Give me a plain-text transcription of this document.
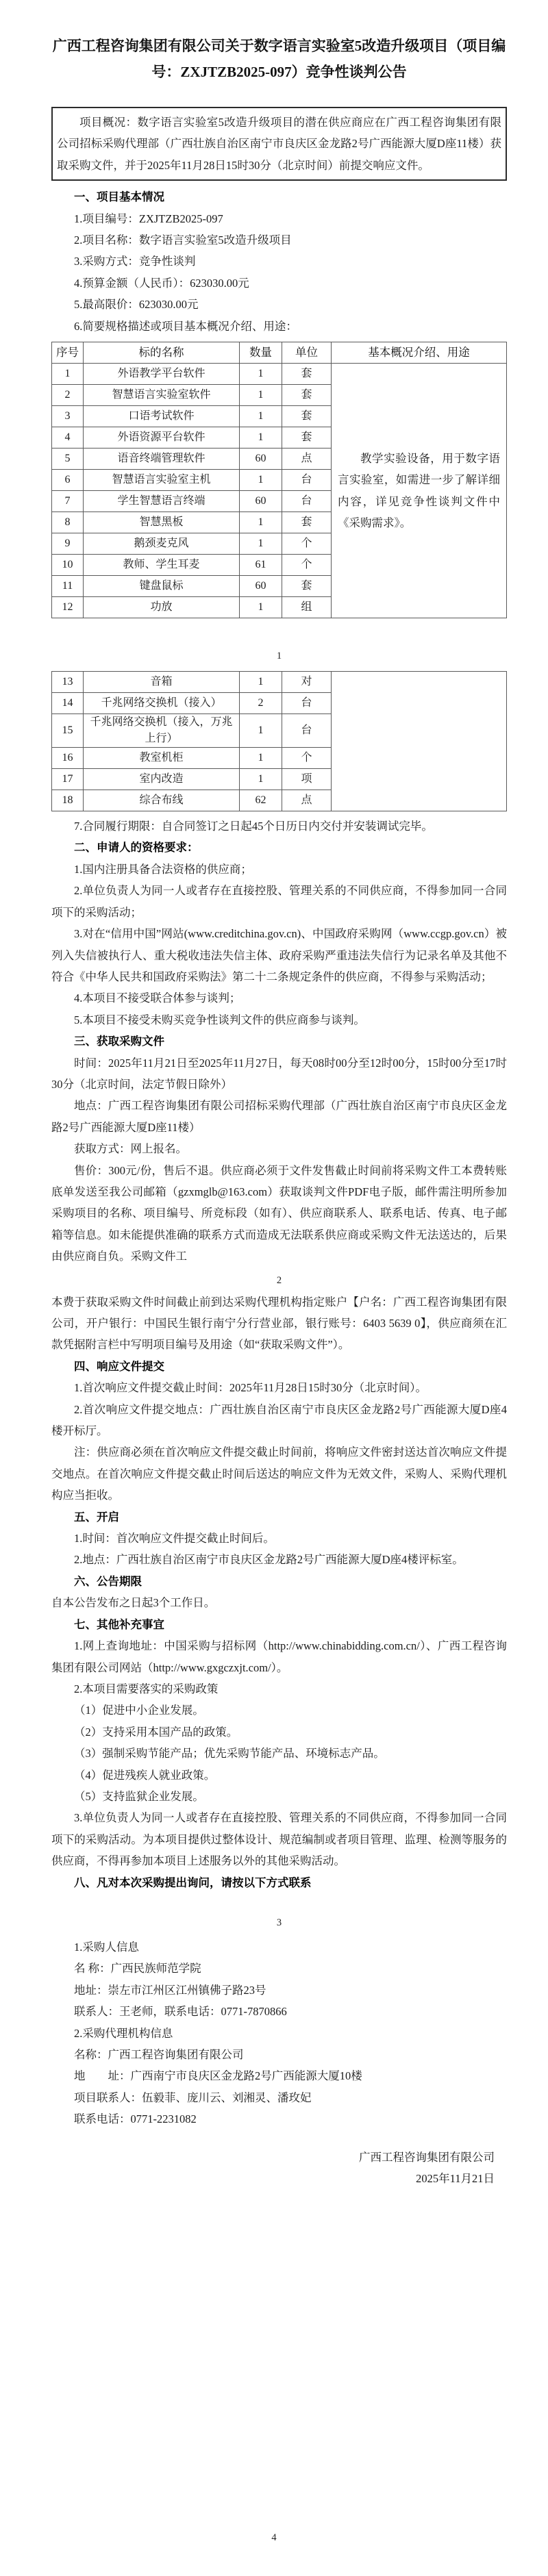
广西工程咨询集团有限公司关于数字语言实验室5改造升级项目（项目编号：ZXJTZB2025-097）竞争性谈判公告
项目概况：数字语言实验室5改造升级项目的潜在供应商应在广西工程咨询集团有限公司招标采购代理部（广西壮族自治区南宁市良庆区金龙路2号广西能源大厦D座11楼）获取采购文件，并于2025年11月28日15时30分（北京时间）前提交响应文件。
一、项目基本情况
1.项目编号：ZXJTZB2025-097
2.项目名称：数字语言实验室5改造升级项目
3.采购方式：竞争性谈判
4.预算金额（人民币）：623030.00元
5.最高限价：623030.00元
6.简要规格描述或项目基本概况介绍、用途：
序号	标的名称	数量	单位	基本概况介绍、用途
1	外语教学平台软件	1	套	教学实验设备，用于数字语言实验室，如需进一步了解详细内容，详见竞争性谈判文件中《采购需求》。

2	智慧语言实验室软件	1	套	
3	口语考试软件	1	套	
4	外语资源平台软件	1	套	
5	语音终端管理软件	60	点	
6	智慧语言实验室主机	1	台	
7	学生智慧语言终端	60	台	
8	智慧黑板	1	套	
9	鹅颈麦克风	1	个	
10	教师、学生耳麦	61	个	
11	键盘鼠标	60	套	
12	功放	1	组	
1
13	音箱	1	对	

14	千兆网络交换机（接入）	2	台	
15	千兆网络交换机（接入，万兆上行）	1	台	
16	教室机柜	1	个	
17	室内改造	1	项	
18	综合布线	62	点	
7.合同履行期限：自合同签订之日起45个日历日内交付并安装调试完毕。
二、申请人的资格要求：
1.国内注册具备合法资格的供应商；
2.单位负责人为同一人或者存在直接控股、管理关系的不同供应商，不得参加同一合同项下的采购活动；
3.对在“信用中国”网站(www.creditchina.gov.cn)、中国政府采购网（www.ccgp.gov.cn）被列入失信被执行人、重大税收违法失信主体、政府采购严重违法失信行为记录名单及其他不符合《中华人民共和国政府采购法》第二十二条规定条件的供应商，不得参与采购活动；
4.本项目不接受联合体参与谈判；
5.本项目不接受未购买竞争性谈判文件的供应商参与谈判。
三、获取采购文件
时间：2025年11月21日至2025年11月27日，每天08时00分至12时00分，15时00分至17时30分（北京时间，法定节假日除外）
地点：广西工程咨询集团有限公司招标采购代理部（广西壮族自治区南宁市良庆区金龙路2号广西能源大厦D座11楼）
获取方式：网上报名。
售价：300元/份，售后不退。供应商必须于文件发售截止时间前将采购文件工本费转账底单发送至我公司邮箱（gzxmglb@163.com）获取谈判文件PDF电子版，邮件需注明所参加采购项目的名称、项目编号、所竞标段（如有）、供应商联系人、联系电话、传真、电子邮箱等信息。如未能提供准确的联系方式而造成无法联系供应商或采购文件无法送达的，后果由供应商自负。采购文件工
2
本费于获取采购文件时间截止前到达采购代理机构指定账户【户名：广西工程咨询集团有限公司，开户银行：中国民生银行南宁分行营业部，银行账号：6403 5639 0】，供应商须在汇款凭据附言栏中写明项目编号及用途（如“获取采购文件”）。
四、响应文件提交
1.首次响应文件提交截止时间：2025年11月28日15时30分（北京时间）。
2.首次响应文件提交地点：广西壮族自治区南宁市良庆区金龙路2号广西能源大厦D座4楼开标厅。
注：供应商必须在首次响应文件提交截止时间前，将响应文件密封送达首次响应文件提交地点。在首次响应文件提交截止时间后送达的响应文件为无效文件，采购人、采购代理机构应当拒收。
五、开启
1.时间：首次响应文件提交截止时间后。
2.地点：广西壮族自治区南宁市良庆区金龙路2号广西能源大厦D座4楼评标室。
六、公告期限
自本公告发布之日起3个工作日。
七、其他补充事宜
1.网上查询地址：中国采购与招标网（http://www.chinabidding.com.cn/）、广西工程咨询集团有限公司网站（http://www.gxgczxjt.com/）。
2.本项目需要落实的采购政策
（1）促进中小企业发展。
（2）支持采用本国产品的政策。
（3）强制采购节能产品；优先采购节能产品、环境标志产品。
（4）促进残疾人就业政策。
（5）支持监狱企业发展。
3.单位负责人为同一人或者存在直接控股、管理关系的不同供应商，不得参加同一合同项下的采购活动。为本项目提供过整体设计、规范编制或者项目管理、监理、检测等服务的供应商，不得再参加本项目上述服务以外的其他采购活动。
八、凡对本次采购提出询问，请按以下方式联系
3
1.采购人信息
名 称：广西民族师范学院
地址：崇左市江州区江州镇佛子路23号
联系人：王老师，联系电话：0771-7870866
2.采购代理机构信息
名称：广西工程咨询集团有限公司
地　　址：广西南宁市良庆区金龙路2号广西能源大厦10楼
项目联系人：伍毅菲、庞川云、刘湘灵、潘玫妃
联系电话：0771-2231082
广西工程咨询集团有限公司
2025年11月21日
4
